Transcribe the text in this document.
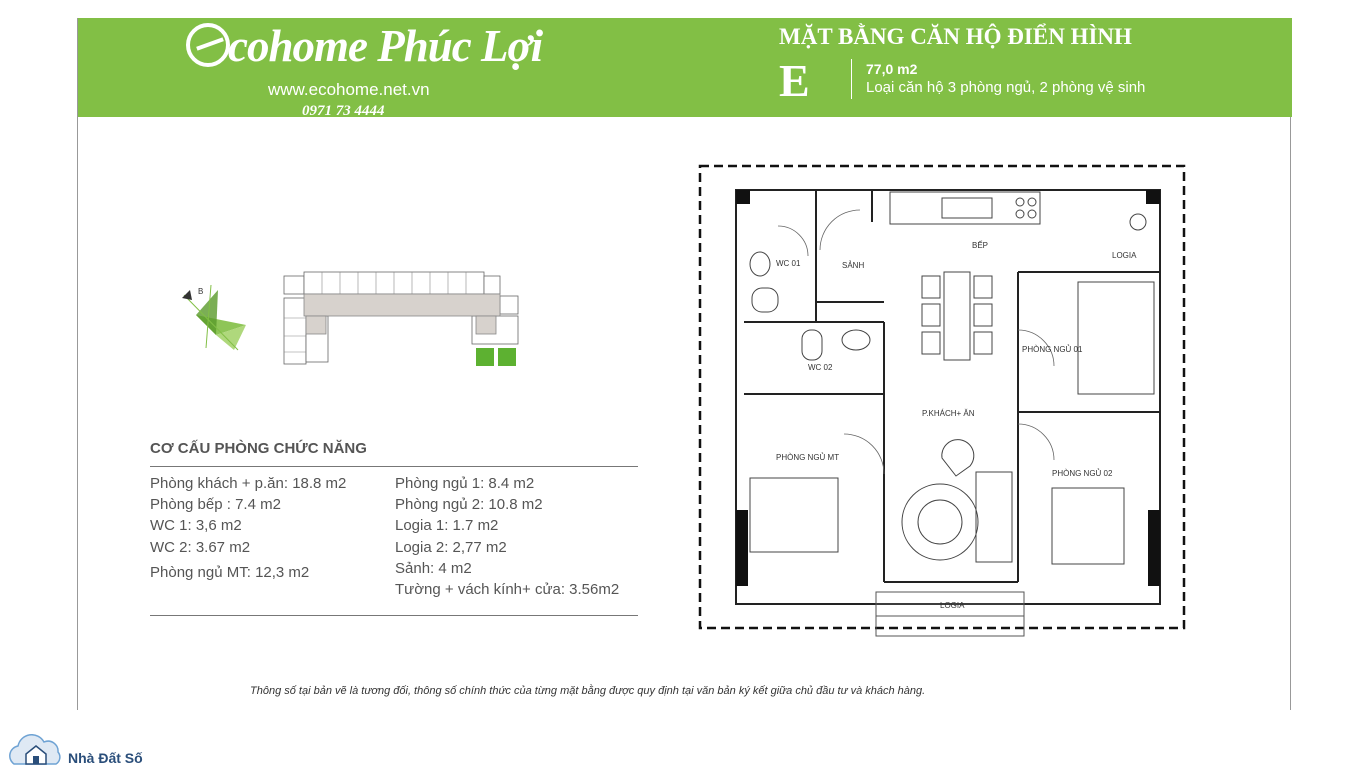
cohome Phúc Lợi
www.ecohome.net.vn
0971 73 4444
MẶT BẰNG CĂN HỘ ĐIỂN HÌNH
E	77,0 m2
Loại căn hộ 3 phòng ngủ, 2 phòng vệ sinh
B
CƠ CẤU PHÒNG CHỨC NĂNG
Phòng khách + p.ăn: 18.8 m2
Phòng bếp : 7.4 m2
WC 1: 3,6 m2
WC 2: 3.67 m2
Phòng ngủ MT: 12,3 m2
Phòng ngủ 1: 8.4 m2
Phòng ngủ 2: 10.8 m2
Logia 1: 1.7 m2
Logia 2: 2,77 m2
Sảnh: 4 m2
Tường + vách kính+ cửa: 3.56m2
BẾP
WC 01	SẢNH
LOGIA
WC 02
PHÒNG NGỦ 01
P.KHÁCH+ ĂN
PHÒNG NGỦ MT
PHÒNG NGỦ 02
LOGIA
Thông số tại bản vẽ là tương đối, thông số chính thức của từng mặt bằng được quy định tại văn bản ký kết giữa chủ đầu tư và khách hàng.
Nhà Đất Số
